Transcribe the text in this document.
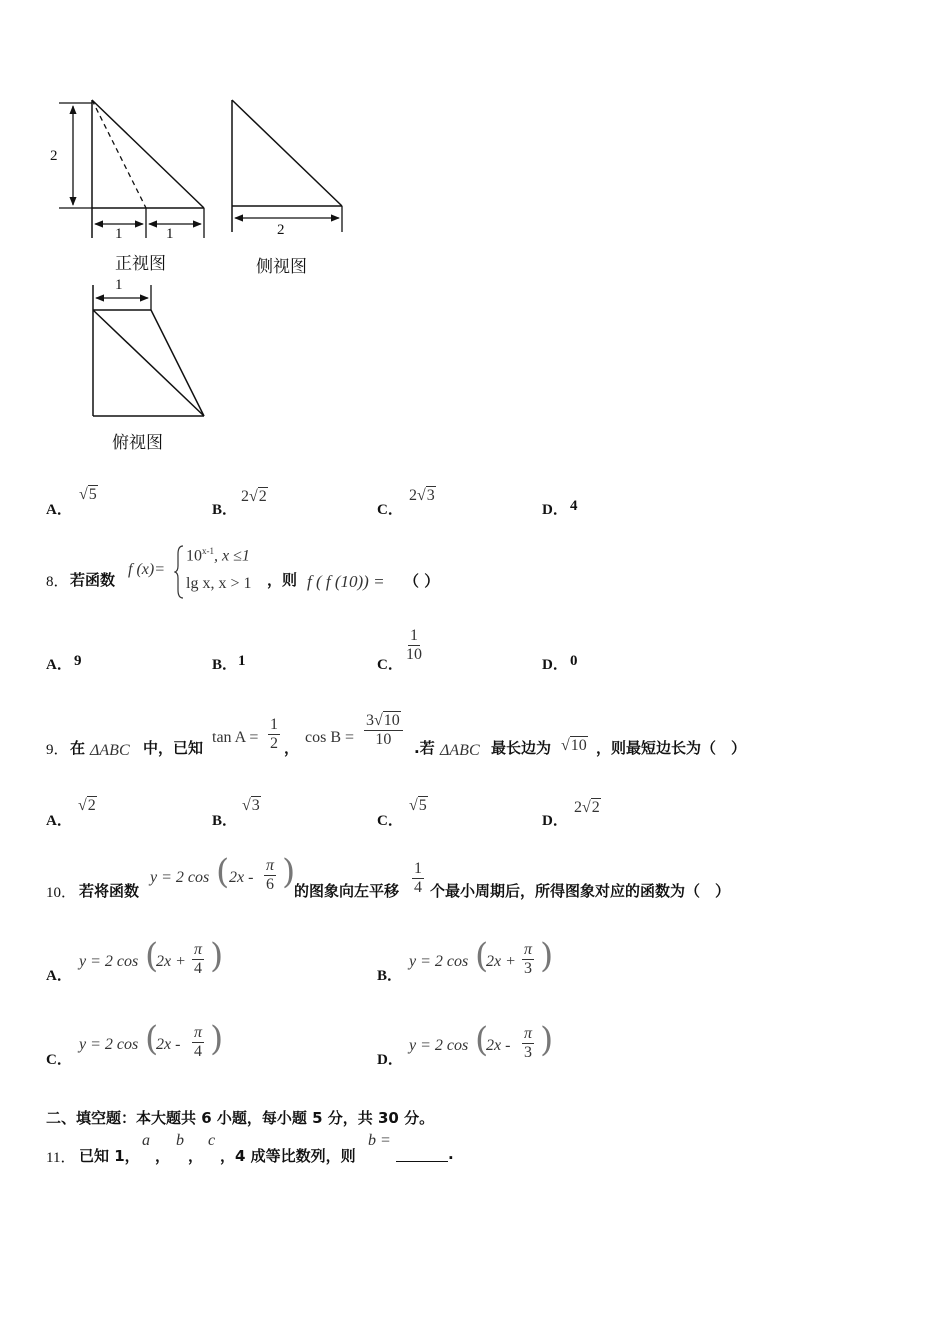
2
1	1
正视图
2
侧视图
1
俯视图
A．
√5
B．
2√2
C．
2√3
D． 4
8． 若函数
f (x)=
$10^{x-1}$, x ≤1
lg x, x > 1 ，则 f ( f (10)) = （ ）
A． 9	B． 1	C．
$\frac{1}{10}$
D． 0
9． 在 ΔABC 中，已知
$\tan A = \frac{1}{2}$ ，
$\cos B = \frac{3√10}{10}$ .若 ΔABC 最长边为 √10 ，则最短边长为（　）
A．
√2
B．
√3
C．
√5
D．
2√2
10． 若将函数
y = 2 cos ( $2x - \frac{\pi}{6}$ )
的图象向左平移 $\frac{1}{4}$ 个最小周期后，所得图象对应的函数为（　）
A．
y = 2 cos (
$2x + \frac{\pi}{4}$ )	B．
y = 2 cos (
$2x + \frac{\pi}{3}$ )
C．
y = 2 cos (
$2x - \frac{\pi}{4}$ )
D．
y = 2 cos (
$2x - \frac{\pi}{3}$ )
二、填空题：本大题共 6 小题，每小题 5 分，共 30 分。
11． 已知 1，
a
，
b
，
c
，4 成等比数列，则
b =
.
